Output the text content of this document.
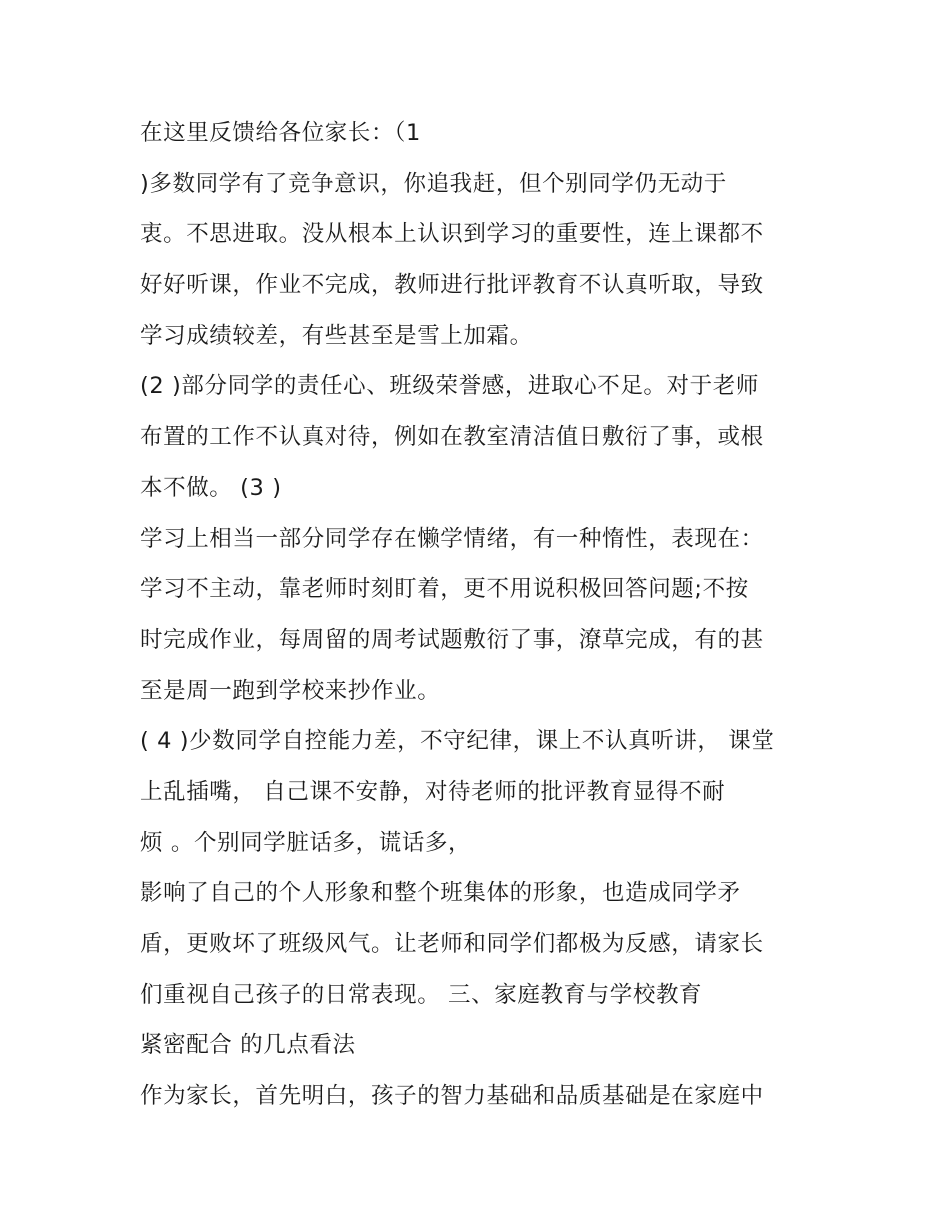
在这里反馈给各位家长：（1
)多数同学有了竞争意识，你追我赶，但个别同学仍无动于
衷。不思进取。没从根本上认识到学习的重要性，连上课都不
好好听课，作业不完成，教师进行批评教育不认真听取，导致
学习成绩较差，有些甚至是雪上加霜。
(2 )部分同学的责任心、班级荣誉感，进取心不足。对于老师
布置的工作不认真对待，例如在教室清洁值日敷衍了事，或根
本不做。 (3 )
学习上相当一部分同学存在懒学情绪，有一种惰性，表现在：
学习不主动，靠老师时刻盯着，更不用说积极回答问题;不按
时完成作业，每周留的周考试题敷衍了事，潦草完成，有的甚
至是周一跑到学校来抄作业。
( 4 )少数同学自控能力差，不守纪律，课上不认真听讲， 课堂
上乱插嘴， 自己课不安静，对待老师的批评教育显得不耐
烦 。个别同学脏话多，谎话多，
影响了自己的个人形象和整个班集体的形象，也造成同学矛
盾，更败坏了班级风气。让老师和同学们都极为反感，请家长
们重视自己孩子的日常表现。 三、家庭教育与学校教育
紧密配合 的几点看法
作为家长，首先明白，孩子的智力基础和品质基础是在家庭中
